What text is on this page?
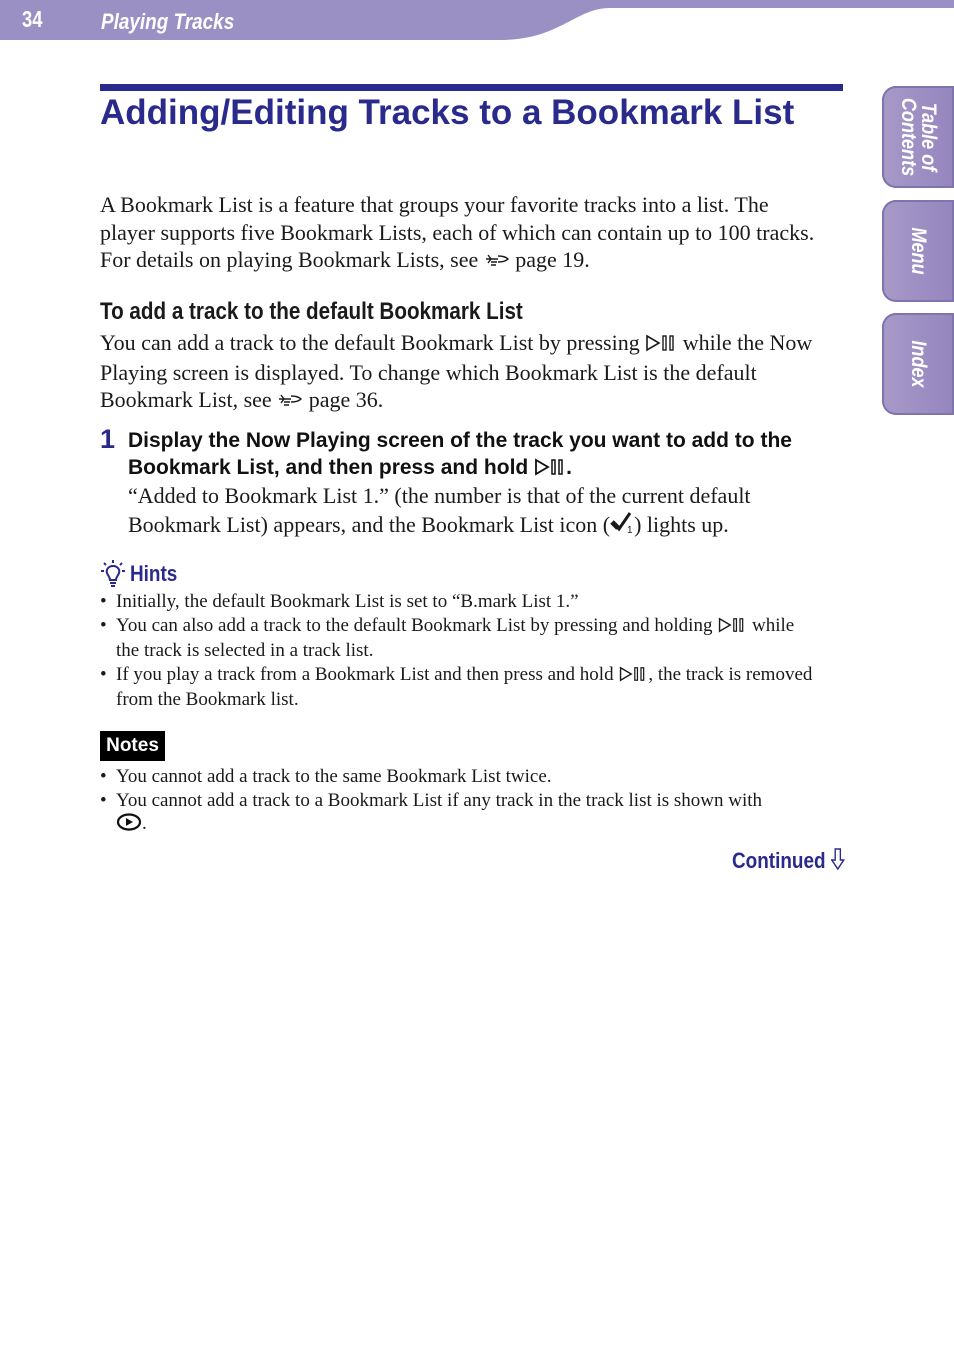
34	Playing Tracks
Adding/Editing Tracks to a Bookmark List

A Bookmark List is a feature that groups your favorite tracks into a list. The player supports five Bookmark Lists, each of which can contain up to 100 tracks. For details on playing Bookmark Lists, see page 19.

To add a track to the default Bookmark List

You can add a track to the default Bookmark List by pressing while the Now Playing screen is displayed. To change which Bookmark List is the default Bookmark List, see page 36.

1 Display the Now Playing screen of the track you want to add to the Bookmark List, and then press and hold .

“Added to Bookmark List 1.” (the number is that of the current default Bookmark List) appears, and the Bookmark List icon ( 1 ) lights up.

Hints
• Initially, the default Bookmark List is set to “B.mark List 1.”
• You can also add a track to the default Bookmark List by pressing and holding while the track is selected in a track list.
• If you play a track from a Bookmark List and then press and hold , the track is removed from the Bookmark list.
Notes
• You cannot add a track to the same Bookmark List twice.
• You cannot add a track to a Bookmark List if any track in the track list is shown with
.
Continued
Table of Contents
Menu
Index
